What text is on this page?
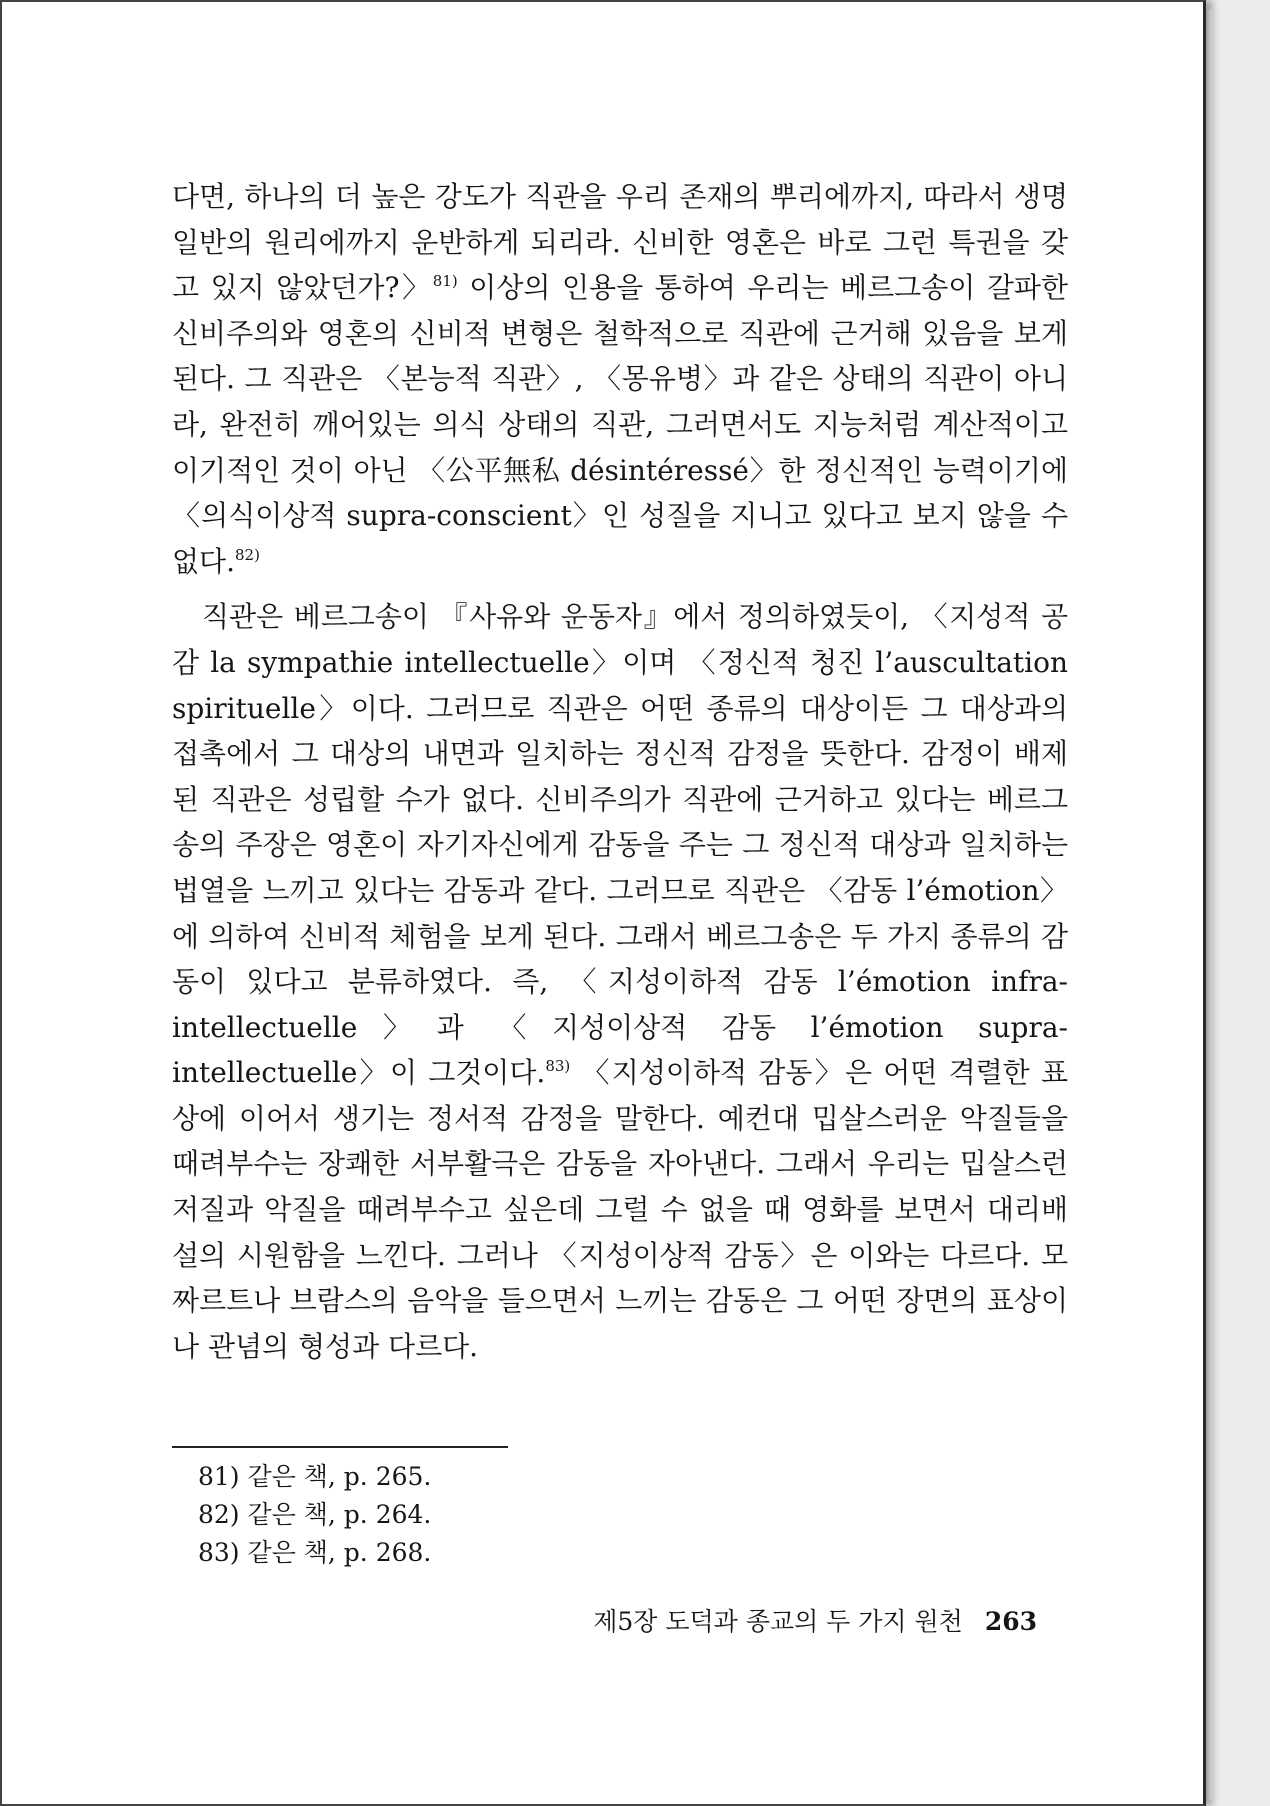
다면, 하나의 더 높은 강도가 직관을 우리 존재의 뿌리에까지, 따라서 생명 일반의 원리에까지 운반하게 되리라. 신비한 영혼은 바로 그런 특권을 갖고 있지 않았던가?〉$^{81)}$ 이상의 인용을 통하여 우리는 베르그송이 갈파한 신비주의와 영혼의 신비적 변형은 철학적으로 직관에 근거해 있음을 보게 된다. 그 직관은 〈본능적 직관〉, 〈몽유병〉과 같은 상태의 직관이 아니라, 완전히 깨어있는 의식 상태의 직관, 그러면서도 지능처럼 계산적이고 이기적인 것이 아닌 〈公平無私 désintéressé〉한 정신적인 능력이기에 〈의식이상적 supra-conscient〉인 성질을 지니고 있다고 보지 않을 수 없다.$^{82)}$

직관은 베르그송이 『사유와 운동자』에서 정의하였듯이, 〈지성적 공감 la sympathie intellectuelle〉이며 〈정신적 청진 l’auscultation spirituelle〉이다. 그러므로 직관은 어떤 종류의 대상이든 그 대상과의 접촉에서 그 대상의 내면과 일치하는 정신적 감정을 뜻한다. 감정이 배제된 직관은 성립할 수가 없다. 신비주의가 직관에 근거하고 있다는 베르그송의 주장은 영혼이 자기자신에게 감동을 주는 그 정신적 대상과 일치하는 법열을 느끼고 있다는 감동과 같다. 그러므로 직관은 〈감동 l’émotion〉에 의하여 신비적 체험을 보게 된다. 그래서 베르그송은 두 가지 종류의 감동이 있다고 분류하였다. 즉, 〈지성이하적 감동 l’émotion infra-intellectuelle〉과 〈지성이상적 감동 l’émotion supra-intellectuelle〉이 그것이다.$^{83)}$ 〈지성이하적 감동〉은 어떤 격렬한 표상에 이어서 생기는 정서적 감정을 말한다. 예컨대 밉살스러운 악질들을 때려부수는 장쾌한 서부활극은 감동을 자아낸다. 그래서 우리는 밉살스런 저질과 악질을 때려부수고 싶은데 그럴 수 없을 때 영화를 보면서 대리배설의 시원함을 느낀다. 그러나 〈지성이상적 감동〉은 이와는 다르다. 모짜르트나 브람스의 음악을 들으면서 느끼는 감동은 그 어떤 장면의 표상이나 관념의 형성과 다르다.

81) 같은 책, p. 265.
82) 같은 책, p. 264.
83) 같은 책, p. 268.
제5장 도덕과 종교의 두 가지 원천 263
